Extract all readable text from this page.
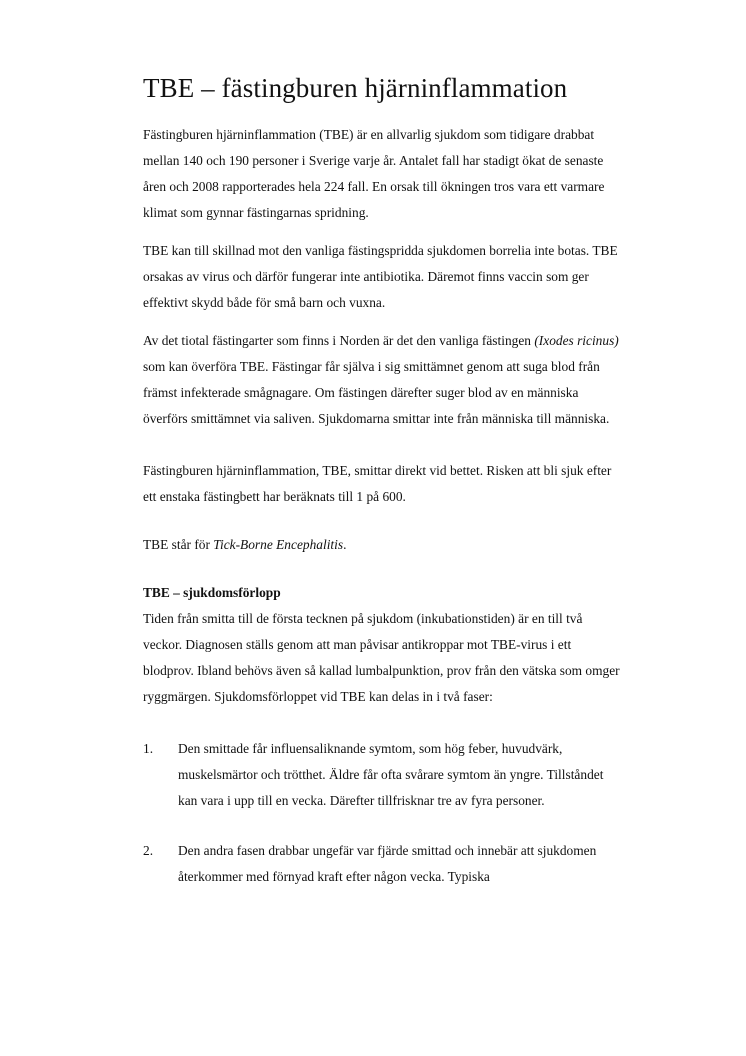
TBE – fästingburen hjärninflammation

Fästingburen hjärninflammation (TBE) är en allvarlig sjukdom som tidigare drabbat mellan 140 och 190 personer i Sverige varje år. Antalet fall har stadigt ökat de senaste åren och 2008 rapporterades hela 224 fall. En orsak till ökningen tros vara ett varmare klimat som gynnar fästingarnas spridning.

TBE kan till skillnad mot den vanliga fästingspridda sjukdomen borrelia inte botas. TBE orsakas av virus och därför fungerar inte antibiotika. Däremot finns vaccin som ger effektivt skydd både för små barn och vuxna.

Av det tiotal fästingarter som finns i Norden är det den vanliga fästingen (Ixodes ricinus) som kan överföra TBE. Fästingar får själva i sig smittämnet genom att suga blod från främst infekterade smågnagare. Om fästingen därefter suger blod av en människa överförs smittämnet via saliven. Sjukdomarna smittar inte från människa till människa.

Fästingburen hjärninflammation, TBE, smittar direkt vid bettet. Risken att bli sjuk efter ett enstaka fästingbett har beräknats till 1 på 600.

TBE står för Tick-Borne Encephalitis.

TBE – sjukdomsförlopp

Tiden från smitta till de första tecknen på sjukdom (inkubationstiden) är en till två veckor. Diagnosen ställs genom att man påvisar antikroppar mot TBE-virus i ett blodprov. Ibland behövs även så kallad lumbalpunktion, prov från den vätska som omger ryggmärgen. Sjukdomsförloppet vid TBE kan delas in i två faser:

1.	Den smittade får influensaliknande symtom, som hög feber, huvudvärk, muskelsmärtor och trötthet. Äldre får ofta svårare symtom än yngre. Tillståndet kan vara i upp till en vecka. Därefter tillfrisknar tre av fyra personer.
2.	Den andra fasen drabbar ungefär var fjärde smittad och innebär att sjukdomen återkommer med förnyad kraft efter någon vecka. Typiska
